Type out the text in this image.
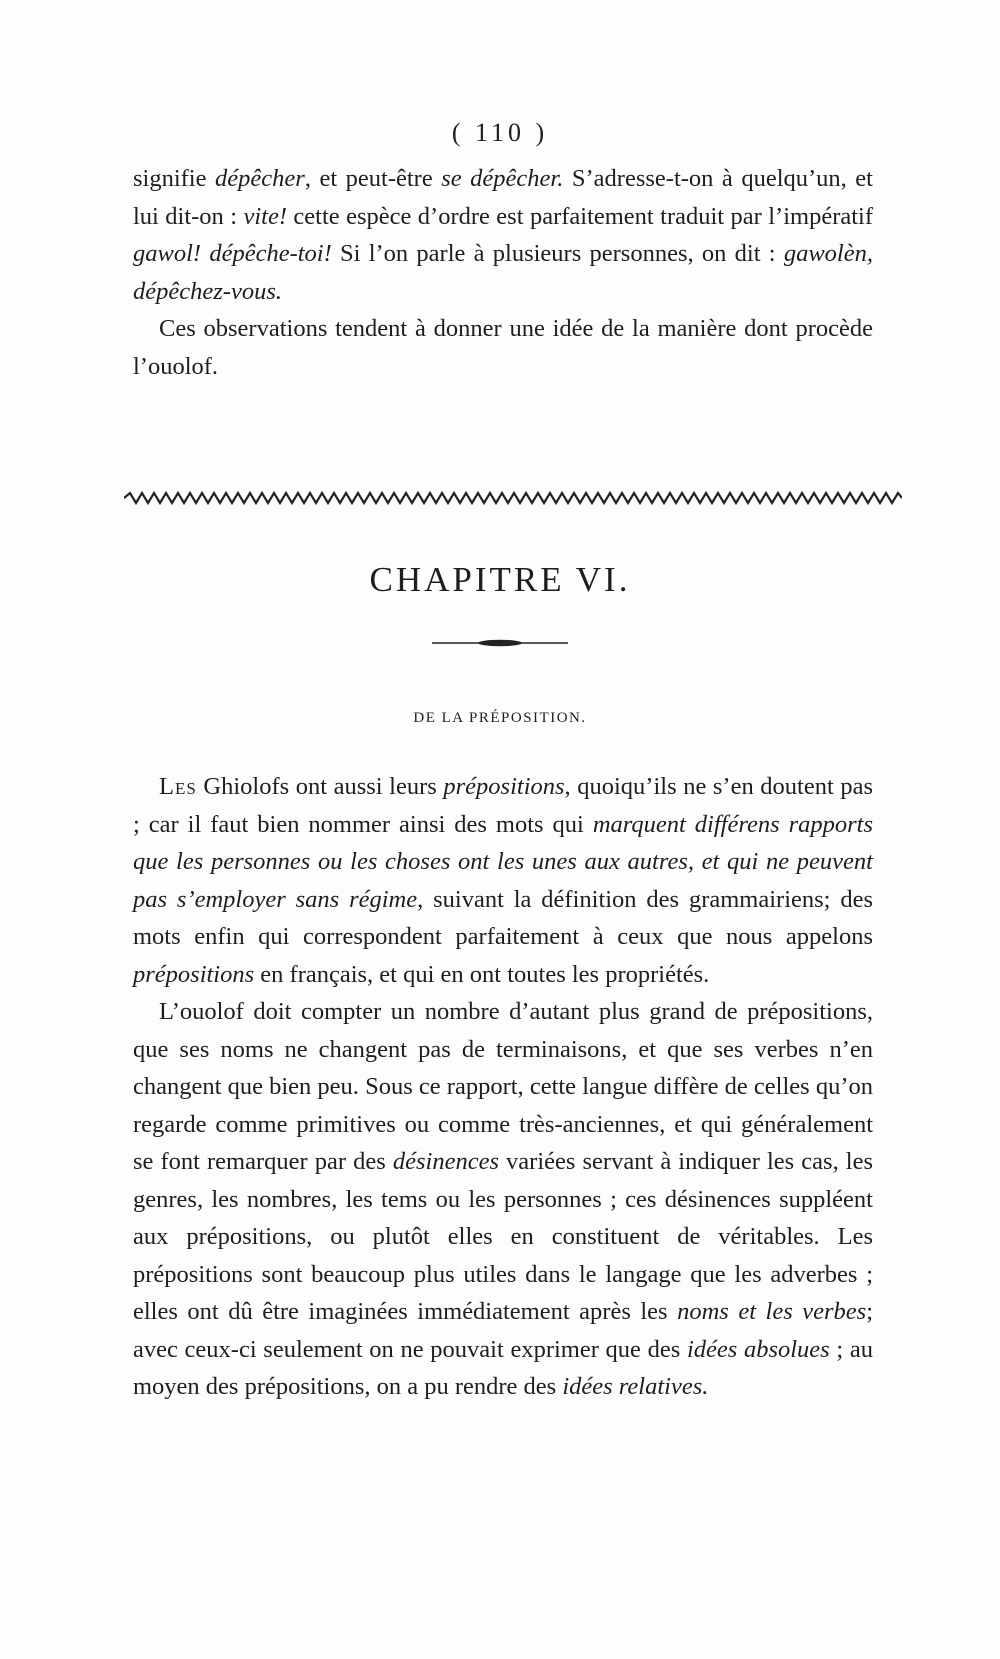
( 110 )

signifie dépêcher, et peut-être se dépêcher. S’adresse-t-on à quelqu’un, et lui dit-on : vite! cette espèce d’ordre est parfaitement traduit par l’impératif gawol! dépêche-toi! Si l’on parle à plusieurs personnes, on dit : gawolèn, dépêchez-vous.

Ces observations tendent à donner une idée de la manière dont procède l’ouolof.

CHAPITRE VI.
DE LA PRÉPOSITION.

Les Ghiolofs ont aussi leurs prépositions, quoiqu’ils ne s’en doutent pas ; car il faut bien nommer ainsi des mots qui marquent différens rapports que les personnes ou les choses ont les unes aux autres, et qui ne peuvent pas s’employer sans régime, suivant la définition des grammairiens; des mots enfin qui correspondent parfaitement à ceux que nous appelons prépositions en français, et qui en ont toutes les propriétés.

L’ouolof doit compter un nombre d’autant plus grand de prépositions, que ses noms ne changent pas de terminaisons, et que ses verbes n’en changent que bien peu. Sous ce rapport, cette langue diffère de celles qu’on regarde comme primitives ou comme très-anciennes, et qui généralement se font remarquer par des désinences variées servant à indiquer les cas, les genres, les nombres, les tems ou les personnes ; ces désinences suppléent aux prépositions, ou plutôt elles en constituent de véritables. Les prépositions sont beaucoup plus utiles dans le langage que les adverbes ; elles ont dû être imaginées immédiatement après les noms et les verbes; avec ceux-ci seulement on ne pouvait exprimer que des idées absolues ; au moyen des prépositions, on a pu rendre des idées relatives.
